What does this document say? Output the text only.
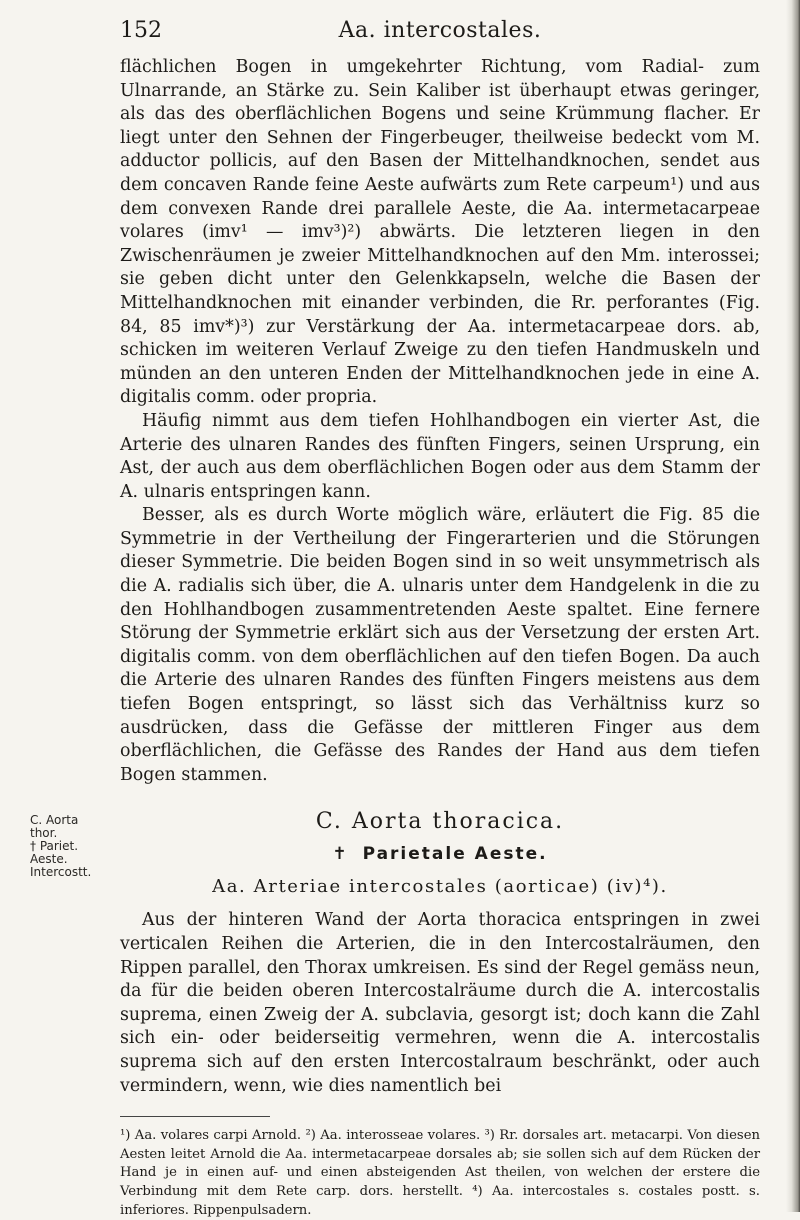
152	Aa. intercostales.
C. Aorta
thor.
† Pariet.
Aeste.
Intercostt.

flächlichen Bogen in umgekehrter Richtung, vom Radial- zum Ulnarrande, an Stärke zu. Sein Kaliber ist überhaupt etwas geringer, als das des oberflächlichen Bogens und seine Krümmung flacher. Er liegt unter den Sehnen der Fingerbeuger, theilweise bedeckt vom M. adductor pollicis, auf den Basen der Mittelhandknochen, sendet aus dem concaven Rande feine Aeste aufwärts zum Rete carpeum¹) und aus dem convexen Rande drei parallele Aeste, die Aa. intermetacarpeae volares (imv¹ — imv³)²) abwärts. Die letzteren liegen in den Zwischenräumen je zweier Mittelhandknochen auf den Mm. interossei; sie geben dicht unter den Gelenkkapseln, welche die Basen der Mittelhandknochen mit einander verbinden, die Rr. perforantes (Fig. 84, 85 imv*)³) zur Verstärkung der Aa. intermetacarpeae dors. ab, schicken im weiteren Verlauf Zweige zu den tiefen Handmuskeln und münden an den unteren Enden der Mittelhandknochen jede in eine A. digitalis comm. oder propria.

Häufig nimmt aus dem tiefen Hohlhandbogen ein vierter Ast, die Arterie des ulnaren Randes des fünften Fingers, seinen Ursprung, ein Ast, der auch aus dem oberflächlichen Bogen oder aus dem Stamm der A. ulnaris entspringen kann.

Besser, als es durch Worte möglich wäre, erläutert die Fig. 85 die Symmetrie in der Vertheilung der Fingerarterien und die Störungen dieser Symmetrie. Die beiden Bogen sind in so weit unsymmetrisch als die A. radialis sich über, die A. ulnaris unter dem Handgelenk in die zu den Hohlhandbogen zusammentretenden Aeste spaltet. Eine fernere Störung der Symmetrie erklärt sich aus der Versetzung der ersten Art. digitalis comm. von dem oberflächlichen auf den tiefen Bogen. Da auch die Arterie des ulnaren Randes des fünften Fingers meistens aus dem tiefen Bogen entspringt, so lässt sich das Verhältniss kurz so ausdrücken, dass die Gefässe der mittleren Finger aus dem oberflächlichen, die Gefässe des Randes der Hand aus dem tiefen Bogen stammen.

C. Aorta thoracica.
✝ Parietale Aeste.
Aa. Arteriae intercostales (aorticae) (iv)⁴).

Aus der hinteren Wand der Aorta thoracica entspringen in zwei verticalen Reihen die Arterien, die in den Intercostalräumen, den Rippen parallel, den Thorax umkreisen. Es sind der Regel gemäss neun, da für die beiden oberen Intercostalräume durch die A. intercostalis suprema, einen Zweig der A. subclavia, gesorgt ist; doch kann die Zahl sich ein- oder beiderseitig vermehren, wenn die A. intercostalis suprema sich auf den ersten Intercostalraum beschränkt, oder auch vermindern, wenn, wie dies namentlich bei

¹) Aa. volares carpi Arnold. ²) Aa. interosseae volares. ³) Rr. dorsales art. metacarpi. Von diesen Aesten leitet Arnold die Aa. intermetacarpeae dorsales ab; sie sollen sich auf dem Rücken der Hand je in einen auf- und einen absteigenden Ast theilen, von welchen der erstere die Verbindung mit dem Rete carp. dors. herstellt. ⁴) Aa. intercostales s. costales postt. s. inferiores. Rippenpulsadern.
